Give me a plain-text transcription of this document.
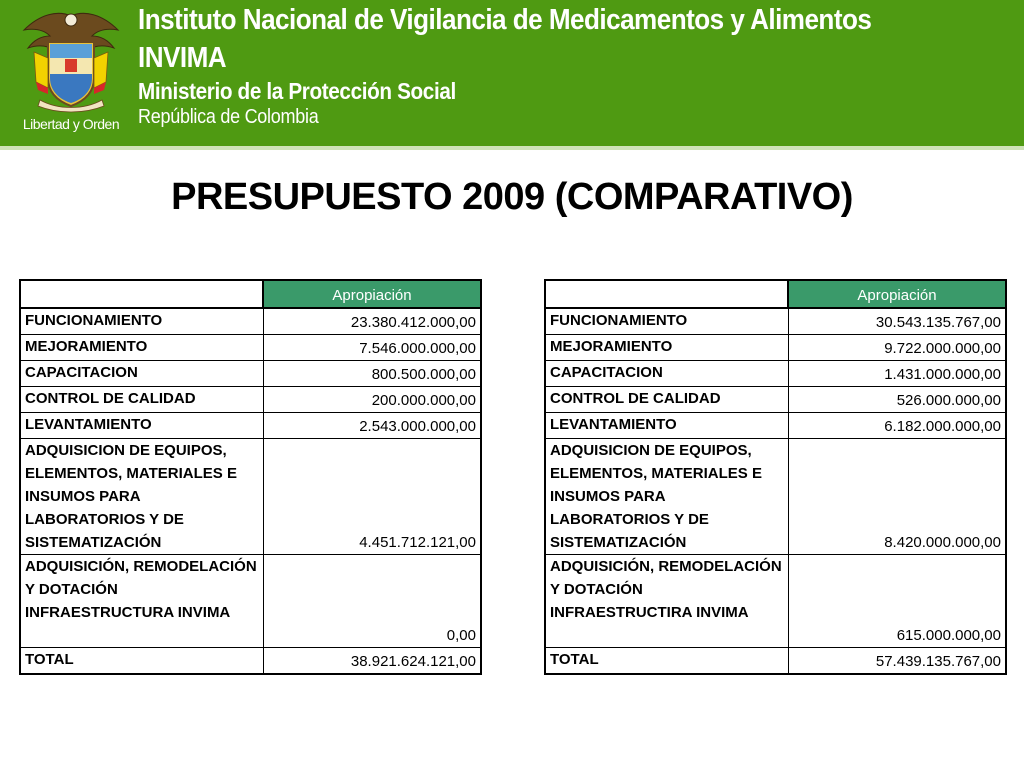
Libertad y Orden
Instituto Nacional de Vigilancia de Medicamentos y Alimentos
INVIMA
Ministerio de la Protección Social
República de Colombia
PRESUPUESTO 2009 (COMPARATIVO)
	Apropiación
FUNCIONAMIENTO	23.380.412.000,00
MEJORAMIENTO	7.546.000.000,00
CAPACITACION	800.500.000,00
CONTROL DE CALIDAD	200.000.000,00
LEVANTAMIENTO	2.543.000.000,00
ADQUISICION DE EQUIPOS, ELEMENTOS, MATERIALES E INSUMOS PARA LABORATORIOS Y DE SISTEMATIZACIÓN	4.451.712.121,00
ADQUISICIÓN, REMODELACIÓN Y DOTACIÓN INFRAESTRUCTURA INVIMA	0,00
TOTAL	38.921.624.121,00
	Apropiación
FUNCIONAMIENTO	30.543.135.767,00
MEJORAMIENTO	9.722.000.000,00
CAPACITACION	1.431.000.000,00
CONTROL DE CALIDAD	526.000.000,00
LEVANTAMIENTO	6.182.000.000,00
ADQUISICION DE EQUIPOS, ELEMENTOS, MATERIALES E INSUMOS PARA LABORATORIOS Y DE SISTEMATIZACIÓN	8.420.000.000,00
ADQUISICIÓN, REMODELACIÓN Y DOTACIÓN INFRAESTRUCTIRA INVIMA	615.000.000,00
TOTAL	57.439.135.767,00
